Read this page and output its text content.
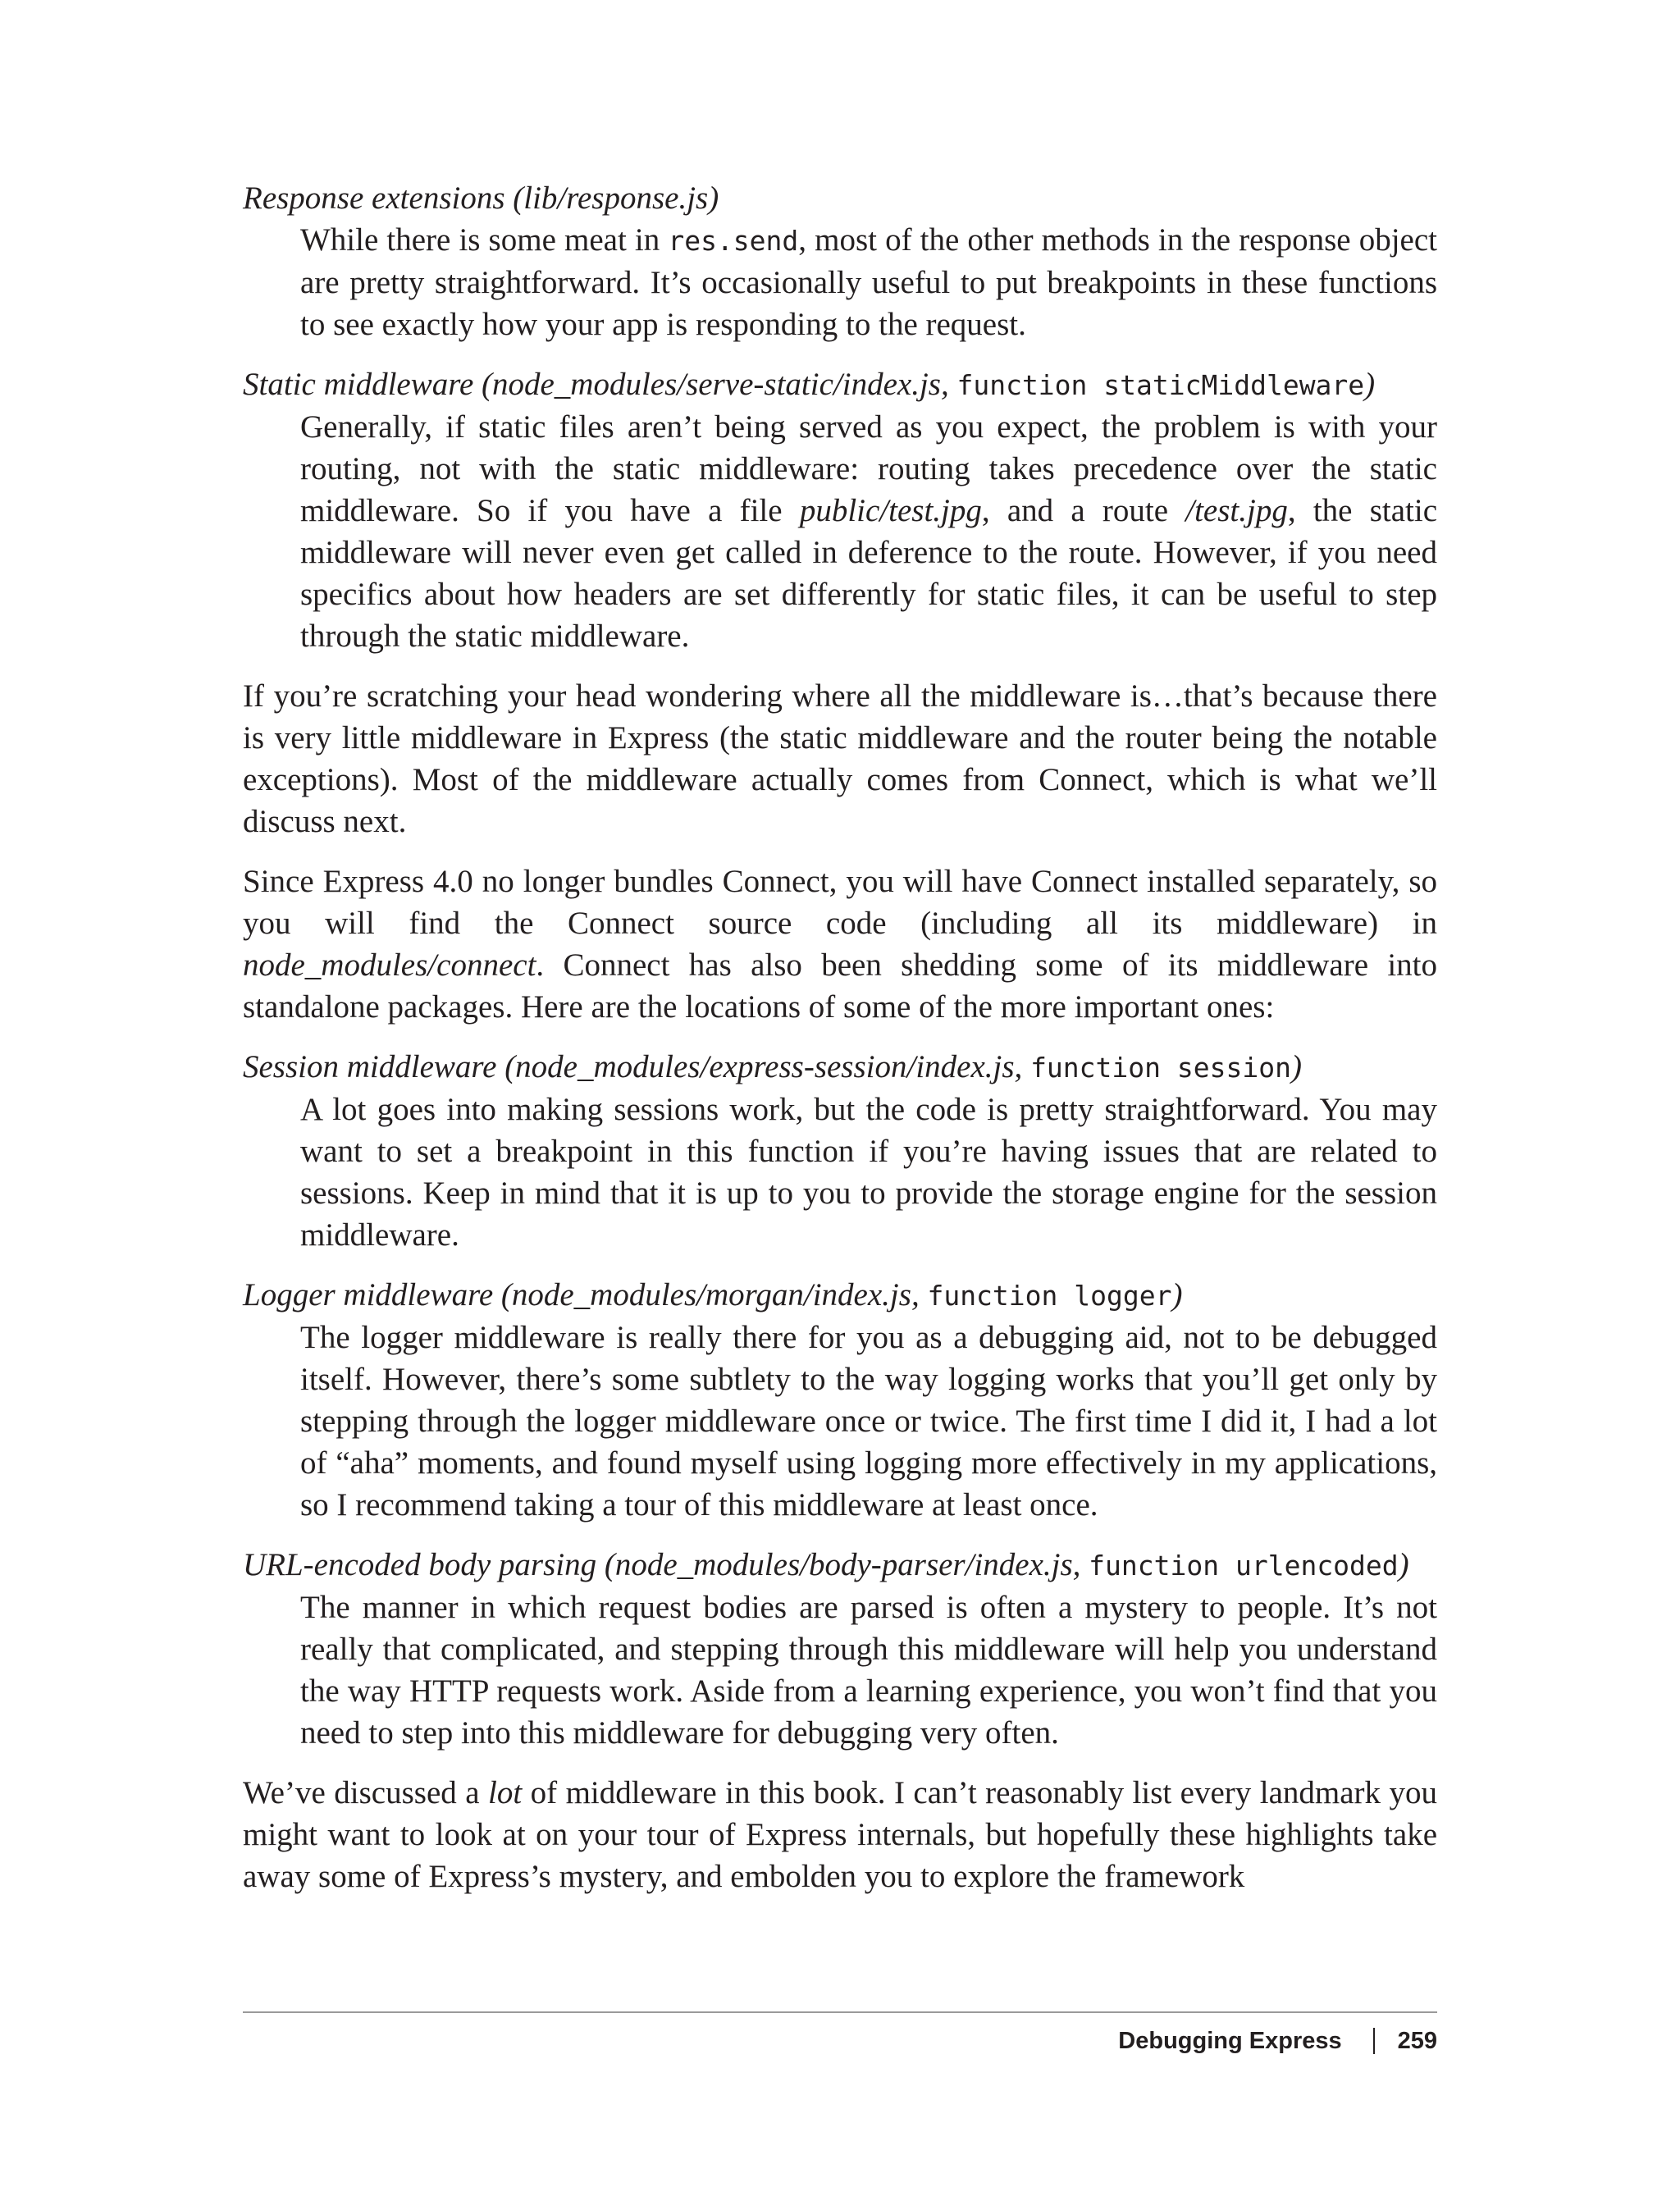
Response extensions (lib/response.js)

While there is some meat in res.send, most of the other methods in the response object are pretty straightforward. It’s occasionally useful to put breakpoints in these functions to see exactly how your app is responding to the request.

Static middleware (node_modules/serve-static/index.js, function staticMiddleware)

Generally, if static files aren’t being served as you expect, the problem is with your routing, not with the static middleware: routing takes precedence over the static middleware. So if you have a file public/test.jpg, and a route /test.jpg, the static middleware will never even get called in deference to the route. However, if you need specifics about how headers are set differently for static files, it can be useful to step through the static middleware.

If you’re scratching your head wondering where all the middleware is…that’s because there is very little middleware in Express (the static middleware and the router being the notable exceptions). Most of the middleware actually comes from Connect, which is what we’ll discuss next.

Since Express 4.0 no longer bundles Connect, you will have Connect installed separately, so you will find the Connect source code (including all its middleware) in node_modules/connect. Connect has also been shedding some of its middleware into standalone packages. Here are the locations of some of the more important ones:

Session middleware (node_modules/express-session/index.js, function session)

A lot goes into making sessions work, but the code is pretty straightforward. You may want to set a breakpoint in this function if you’re having issues that are related to sessions. Keep in mind that it is up to you to provide the storage engine for the session middleware.

Logger middleware (node_modules/morgan/index.js, function logger)

The logger middleware is really there for you as a debugging aid, not to be debugged itself. However, there’s some subtlety to the way logging works that you’ll get only by stepping through the logger middleware once or twice. The first time I did it, I had a lot of “aha” moments, and found myself using logging more effectively in my applications, so I recommend taking a tour of this middleware at least once.

URL-encoded body parsing (node_modules/body-parser/index.js, function urlencoded)

The manner in which request bodies are parsed is often a mystery to people. It’s not really that complicated, and stepping through this middleware will help you understand the way HTTP requests work. Aside from a learning experience, you won’t find that you need to step into this middleware for debugging very often.

We’ve discussed a lot of middleware in this book. I can’t reasonably list every landmark you might want to look at on your tour of Express internals, but hopefully these highlights take away some of Express’s mystery, and embolden you to explore the framework

Debugging Express 259
